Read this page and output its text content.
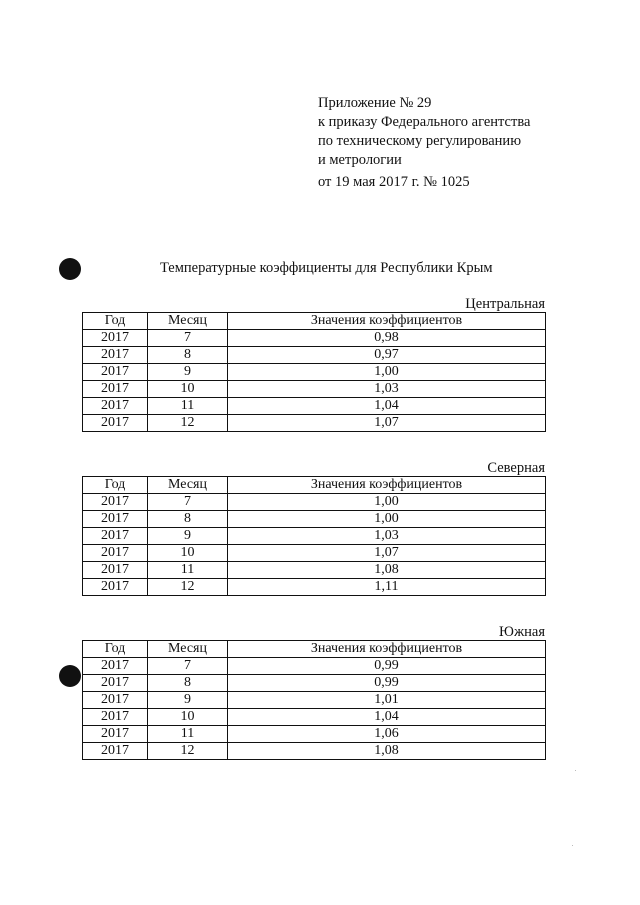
Приложение № 29
к приказу Федерального агентства
по техническому регулированию
и метрологии
от 19 мая 2017 г. № 1025
Температурные коэффициенты для Республики Крым
Центральная
Год	Месяц	Значения коэффициентов
2017	7	0,98
2017	8	0,97
2017	9	1,00
2017	10	1,03
2017	11	1,04
2017	12	1,07
Северная
Год	Месяц	Значения коэффициентов
2017	7	1,00
2017	8	1,00
2017	9	1,03
2017	10	1,07
2017	11	1,08
2017	12	1,11
Южная
Год	Месяц	Значения коэффициентов
2017	7	0,99
2017	8	0,99
2017	9	1,01
2017	10	1,04
2017	11	1,06
2017	12	1,08
